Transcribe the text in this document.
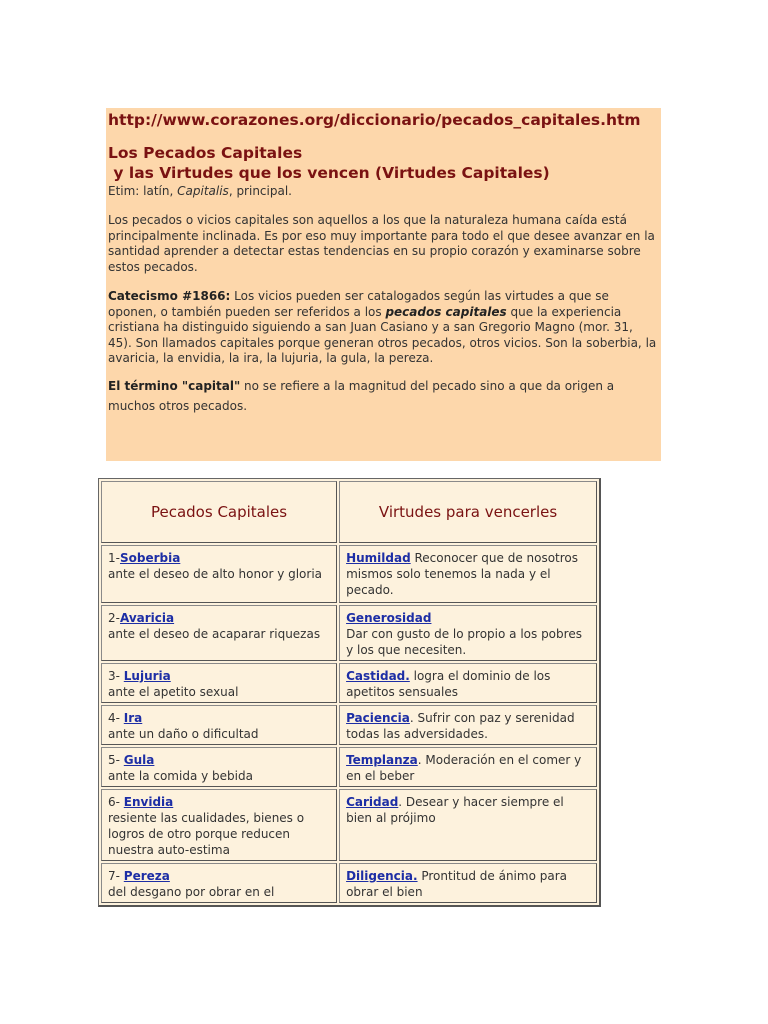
http://www.corazones.org/diccionario/pecados_capitales.htm

Los Pecados Capitales
y las Virtudes que los vencen (Virtudes Capitales)

Etim: latín, Capitalis, principal.

Los pecados o vicios capitales son aquellos a los que la naturaleza humana caída está principalmente inclinada. Es por eso muy importante para todo el que desee avanzar en la santidad aprender a detectar estas tendencias en su propio corazón y examinarse sobre estos pecados.

Catecismo #1866: Los vicios pueden ser catalogados según las virtudes a que se oponen, o también pueden ser referidos a los pecados capitales que la experiencia cristiana ha distinguido siguiendo a san Juan Casiano y a san Gregorio Magno (mor. 31, 45). Son llamados capitales porque generan otros pecados, otros vicios. Son la soberbia, la avaricia, la envidia, la ira, la lujuria, la gula, la pereza.

El término "capital" no se refiere a la magnitud del pecado sino a que da origen a muchos otros pecados.

Pecados Capitales	Virtudes para vencerles
1-Soberbia
ante el deseo de alto honor y gloria	Humildad Reconocer que de nosotros mismos solo tenemos la nada y el pecado.
2-Avaricia
ante el deseo de acaparar riquezas	Generosidad
Dar con gusto de lo propio a los pobres y los que necesiten.
3- Lujuria
ante el apetito sexual	Castidad. logra el dominio de los apetitos sensuales
4- Ira
ante un daño o dificultad	Paciencia. Sufrir con paz y serenidad todas las adversidades.
5- Gula
ante la comida y bebida	Templanza. Moderación en el comer y en el beber
6- Envidia
resiente las cualidades, bienes o logros de otro porque reducen nuestra auto-estima	Caridad. Desear y hacer siempre el bien al prójimo
7- Pereza
del desgano por obrar en el	Diligencia. Prontitud de ánimo para obrar el bien
